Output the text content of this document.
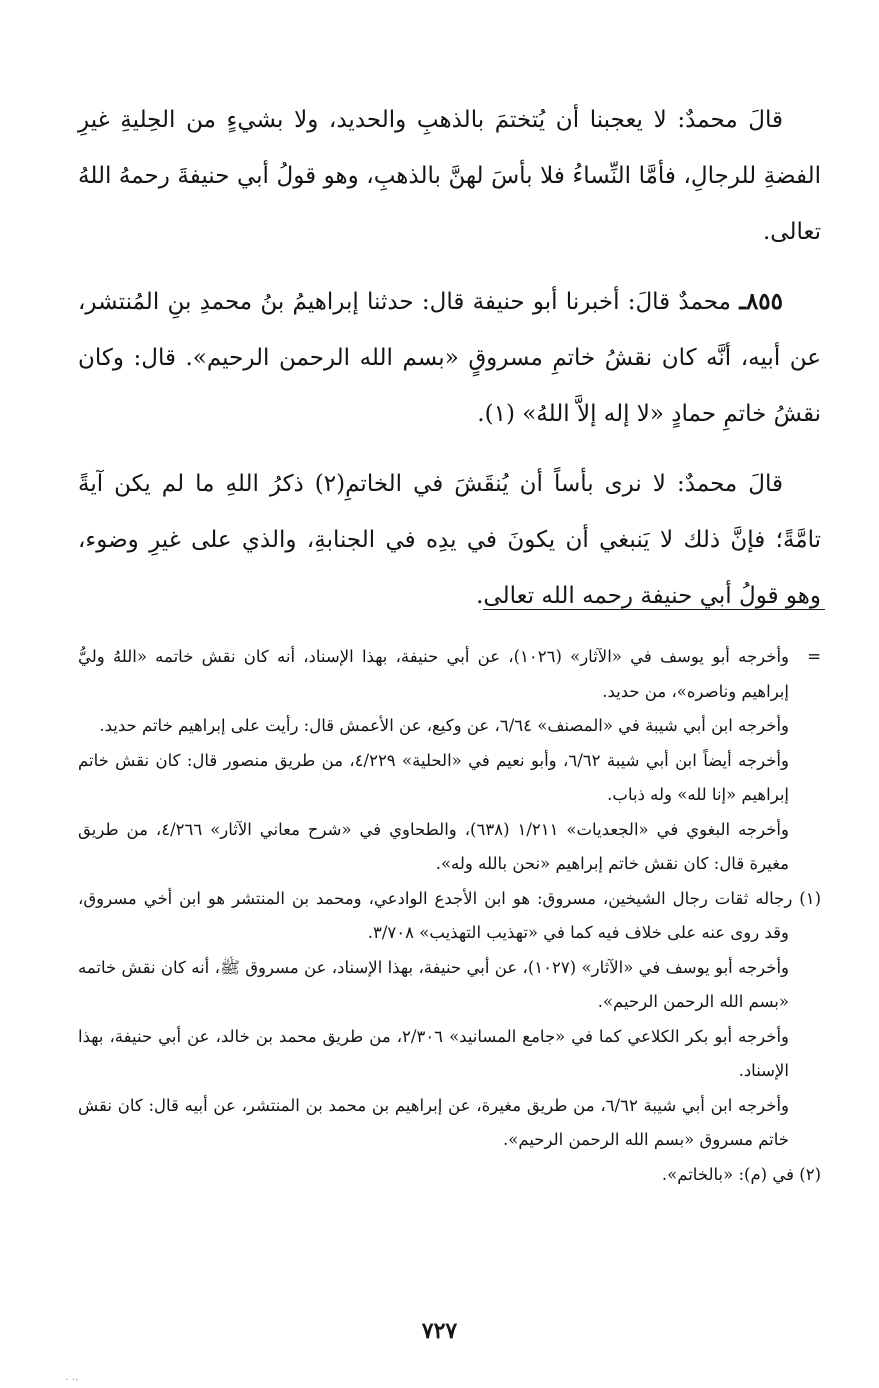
قالَ محمدٌ: لا يعجبنا أن يُتختمَ بالذهبِ والحديد، ولا بشيءٍ من الحِليةِ غيرِ الفضةِ للرجالِ، فأمَّا النِّساءُ فلا بأسَ لهنَّ بالذهبِ، وهو قولُ أبي حنيفةَ رحمهُ اللهُ تعالى.

٨٥٥ـ محمدٌ قالَ: أخبرنا أبو حنيفة قال: حدثنا إبراهيمُ بنُ محمدِ بنِ المُنتشر، عن أبيه، أنَّه كان نقشُ خاتمِ مسروقٍ «بسم الله الرحمن الرحيم». قال: وكان نقشُ خاتمِ حمادٍ «لا إله إلاَّ اللهُ» (١).

قالَ محمدٌ: لا نرى بأساً أن يُنقَشَ في الخاتمِ(٢) ذكرُ اللهِ ما لم يكن آيةً تامَّةً؛ فإنَّ ذلك لا يَنبغي أن يكونَ في يدِه في الجنابةِ، والذي على غيرِ وضوء، وهو قولُ أبي حنيفة رحمه الله تعالى.

=وأخرجه أبو يوسف في «الآثار» (١٠٢٦)، عن أبي حنيفة، بهذا الإسناد، أنه كان نقش خاتمه «اللهُ وليُّ إبراهيم وناصره»، من حديد.

وأخرجه ابن أبي شيبة في «المصنف» ٦/٦٤، عن وكيع، عن الأعمش قال: رأيت على إبراهيم خاتم حديد.

وأخرجه أيضاً ابن أبي شيبة ٦/٦٢، وأبو نعيم في «الحلية» ٤/٢٢٩، من طريق منصور قال: كان نقش خاتم إبراهيم «إنا لله» وله ذباب.

وأخرجه البغوي في «الجعديات» ١/٢١١ (٦٣٨)، والطحاوي في «شرح معاني الآثار» ٤/٢٦٦، من طريق مغيرة قال: كان نقش خاتم إبراهيم «نحن بالله وله».

(١) رجاله ثقات رجال الشيخين، مسروق: هو ابن الأجدع الوادعي، ومحمد بن المنتشر هو ابن أخي مسروق، وقد روى عنه على خلاف فيه كما في «تهذيب التهذيب» ٣/٧٠٨.

وأخرجه أبو يوسف في «الآثار» (١٠٢٧)، عن أبي حنيفة، بهذا الإسناد، عن مسروق ﷺ، أنه كان نقش خاتمه «بسم الله الرحمن الرحيم».

وأخرجه أبو بكر الكلاعي كما في «جامع المسانيد» ٢/٣٠٦، من طريق محمد بن خالد، عن أبي حنيفة، بهذا الإسناد.

وأخرجه ابن أبي شيبة ٦/٦٢، من طريق مغيرة، عن إبراهيم بن محمد بن المنتشر، عن أبيه قال: كان نقش خاتم مسروق «بسم الله الرحمن الرحيم».

(٢) في (م): «بالخاتم».

٧٢٧
.. .
